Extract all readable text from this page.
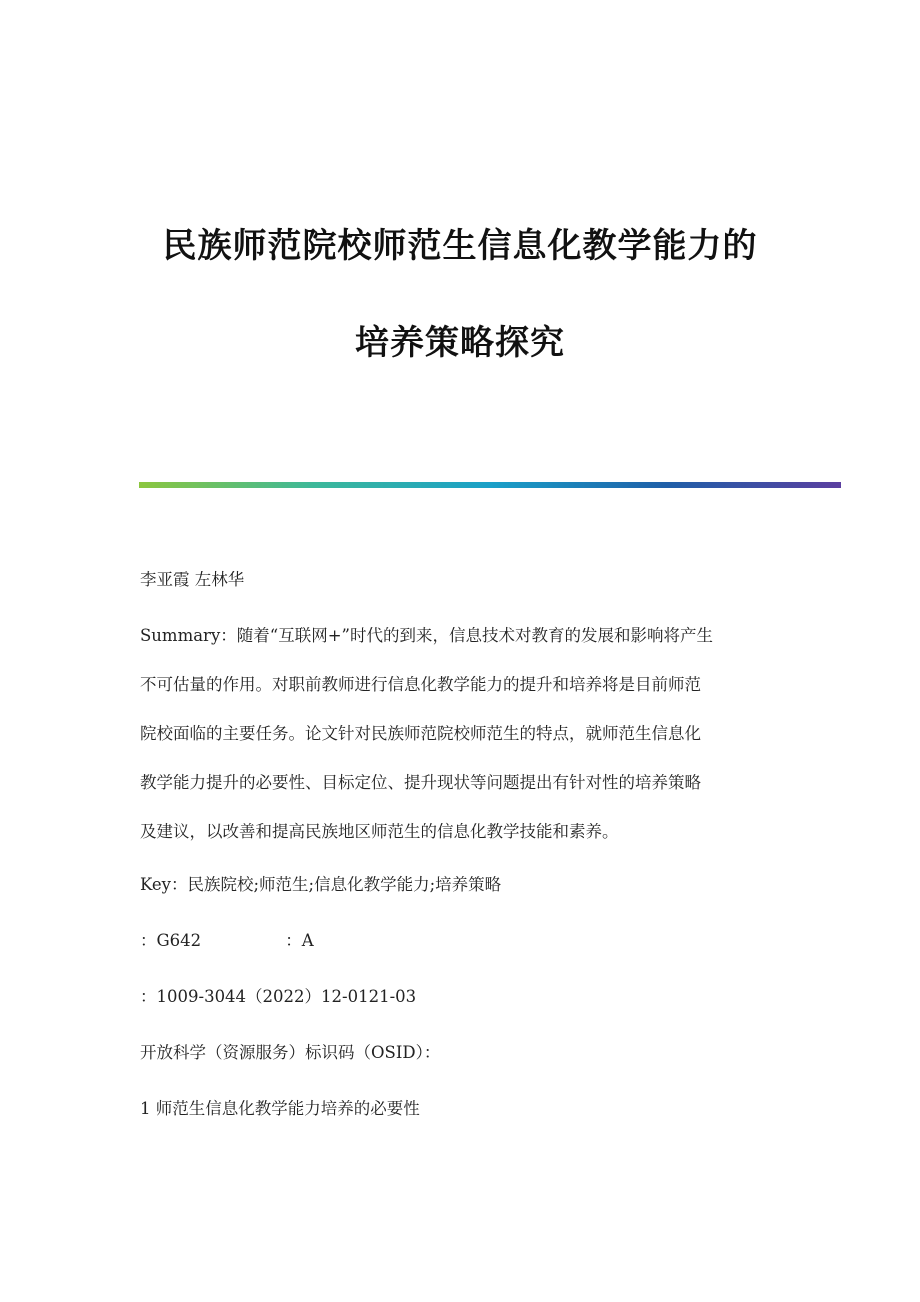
民族师范院校师范生信息化教学能力的
培养策略探究
李亚霞 左林华
Summary：随着“互联网+”时代的到来，信息技术对教育的发展和影响将产生
不可估量的作用。对职前教师进行信息化教学能力的提升和培养将是目前师范
院校面临的主要任务。论文针对民族师范院校师范生的特点，就师范生信息化
教学能力提升的必要性、目标定位、提升现状等问题提出有针对性的培养策略
及建议，以改善和提高民族地区师范生的信息化教学技能和素养。
Key：民族院校;师范生;信息化教学能力;培养策略
：G642	：A
：1009-3044（2022）12-0121-03
开放科学（资源服务）标识码（OSID）：
1 师范生信息化教学能力培养的必要性
